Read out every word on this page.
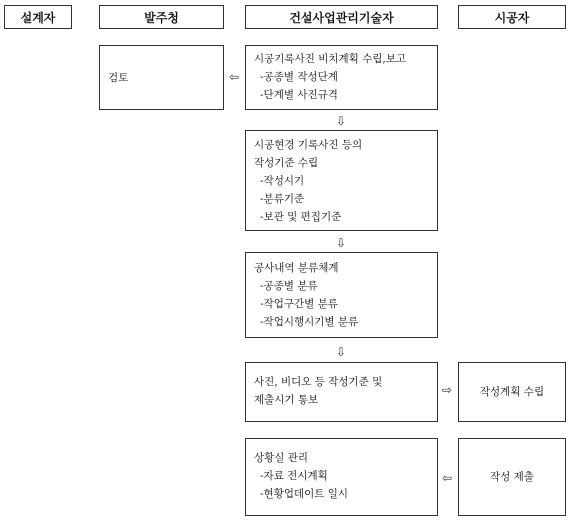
설계자	발주청	건설사업관리기술자	시공자
검토	⇦
시공기록사진 비치계획 수립,보고
-공종별 작성단계
-단계별 사진규격
⇩
시공현경 기록사진 등의
작성기준 수립
-작성시기
-분류기준
-보관 및 편집기준
⇩
공사내역 분류체계
-공종별 분류
-작업구간별 분류
-작업시행시기별 분류
⇩
사진, 비디오 등 작성기준 및
제출시기 통보
⇨	작성계획 수립
상황실 관리
-자료 전시계획
-현황업데이트 일시
⇦	작성 제출
